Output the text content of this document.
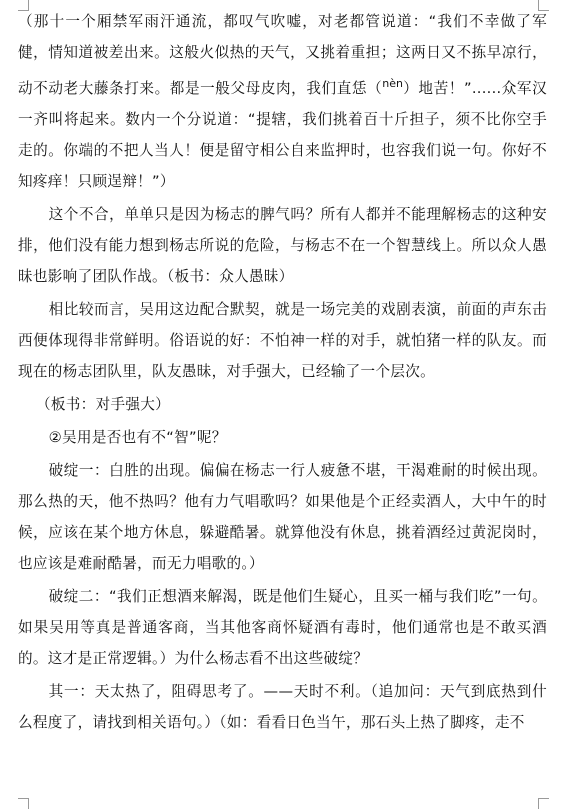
（那十一个厢禁军雨汗通流，都叹气吹嘘，对老都管说道：“我们不幸做了军健，情知道被差出来。这般火似热的天气，又挑着重担；这两日又不拣早凉行，动不动老大藤条打来。都是一般父母皮肉，我们直恁（$^{nèn}$）地苦！”......众军汉一齐叫将起来。数内一个分说道：“提辖，我们挑着百十斤担子，须不比你空手走的。你端的不把人当人！便是留守相公自来监押时，也容我们说一句。你好不知疼痒！只顾逞辩！”）

这个不合，单单只是因为杨志的脾气吗？所有人都并不能理解杨志的这种安排，他们没有能力想到杨志所说的危险，与杨志不在一个智慧线上。所以众人愚昧也影响了团队作战。（板书：众人愚昧）

相比较而言，吴用这边配合默契，就是一场完美的戏剧表演，前面的声东击西便体现得非常鲜明。俗语说的好：不怕神一样的对手，就怕猪一样的队友。而现在的杨志团队里，队友愚昧，对手强大，已经输了一个层次。

（板书：对手强大）

②吴用是否也有不“智”呢？

破绽一：白胜的出现。偏偏在杨志一行人疲惫不堪，干渴难耐的时候出现。那么热的天，他不热吗？他有力气唱歌吗？如果他是个正经卖酒人，大中午的时候，应该在某个地方休息，躲避酷暑。就算他没有休息，挑着酒经过黄泥岗时，也应该是难耐酷暑，而无力唱歌的。）

破绽二：“我们正想酒来解渴，既是他们生疑心，且买一桶与我们吃”一句。如果吴用等真是普通客商，当其他客商怀疑酒有毒时，他们通常也是不敢买酒的。这才是正常逻辑。）为什么杨志看不出这些破绽？

其一：天太热了，阻碍思考了。——天时不利。（追加问：天气到底热到什么程度了，请找到相关语句。）（如：看看日色当午，那石头上热了脚疼，走不
